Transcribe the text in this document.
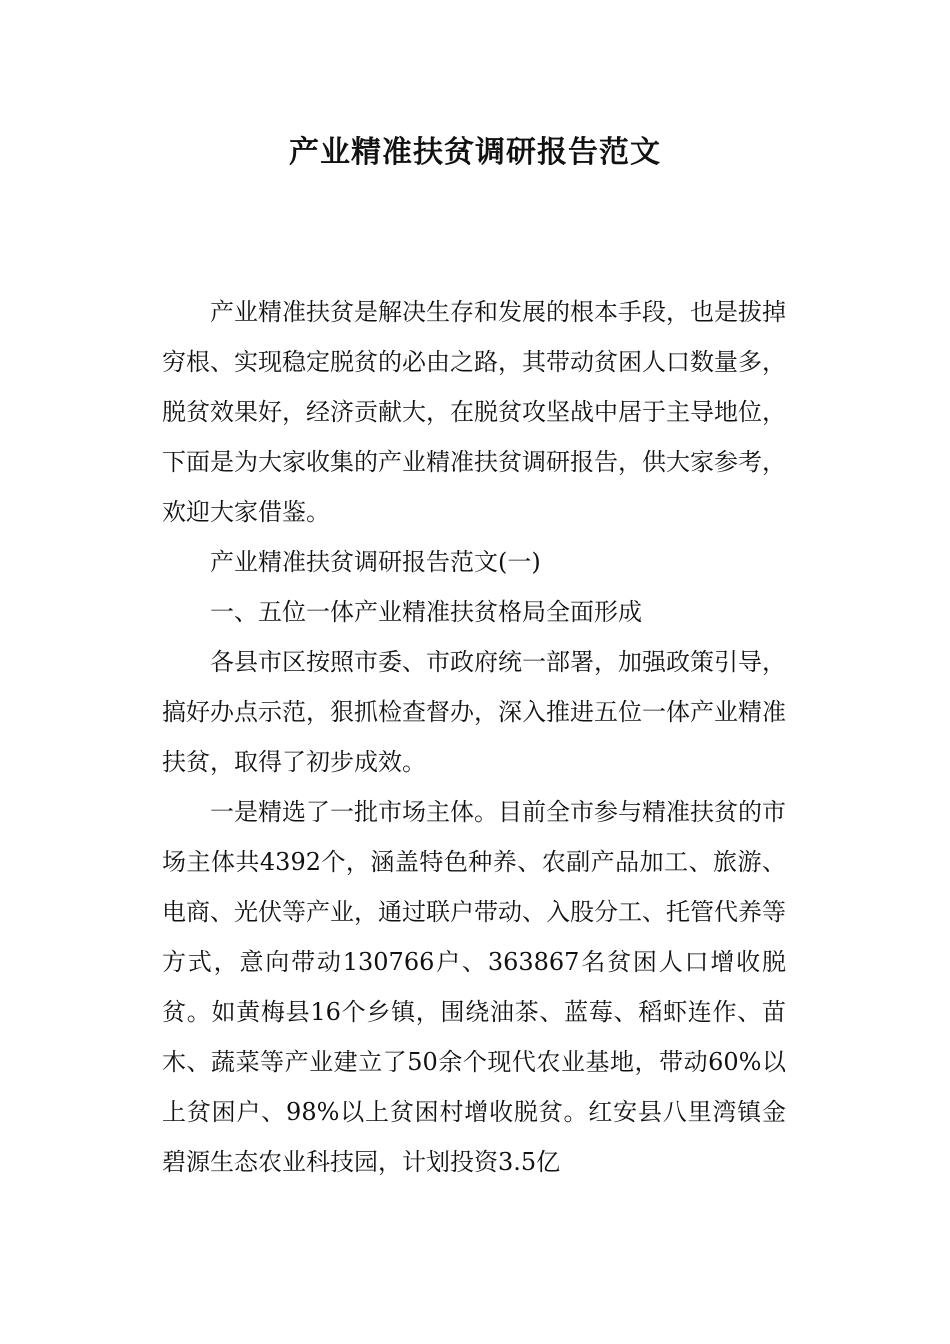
产业精准扶贫调研报告范文

产业精准扶贫是解决生存和发展的根本手段，也是拔掉穷根、实现稳定脱贫的必由之路，其带动贫困人口数量多，脱贫效果好，经济贡献大，在脱贫攻坚战中居于主导地位，下面是为大家收集的产业精准扶贫调研报告，供大家参考，欢迎大家借鉴。

产业精准扶贫调研报告范文(一)

一、五位一体产业精准扶贫格局全面形成

各县市区按照市委、市政府统一部署，加强政策引导，搞好办点示范，狠抓检查督办，深入推进五位一体产业精准扶贫，取得了初步成效。

一是精选了一批市场主体。目前全市参与精准扶贫的市场主体共4392个，涵盖特色种养、农副产品加工、旅游、电商、光伏等产业，通过联户带动、入股分工、托管代养等方式，意向带动130766户、363867名贫困人口增收脱贫。如黄梅县16个乡镇，围绕油茶、蓝莓、稻虾连作、苗木、蔬菜等产业建立了50余个现代农业基地，带动60%以上贫困户、98%以上贫困村增收脱贫。红安县八里湾镇金碧源生态农业科技园，计划投资3.5亿
